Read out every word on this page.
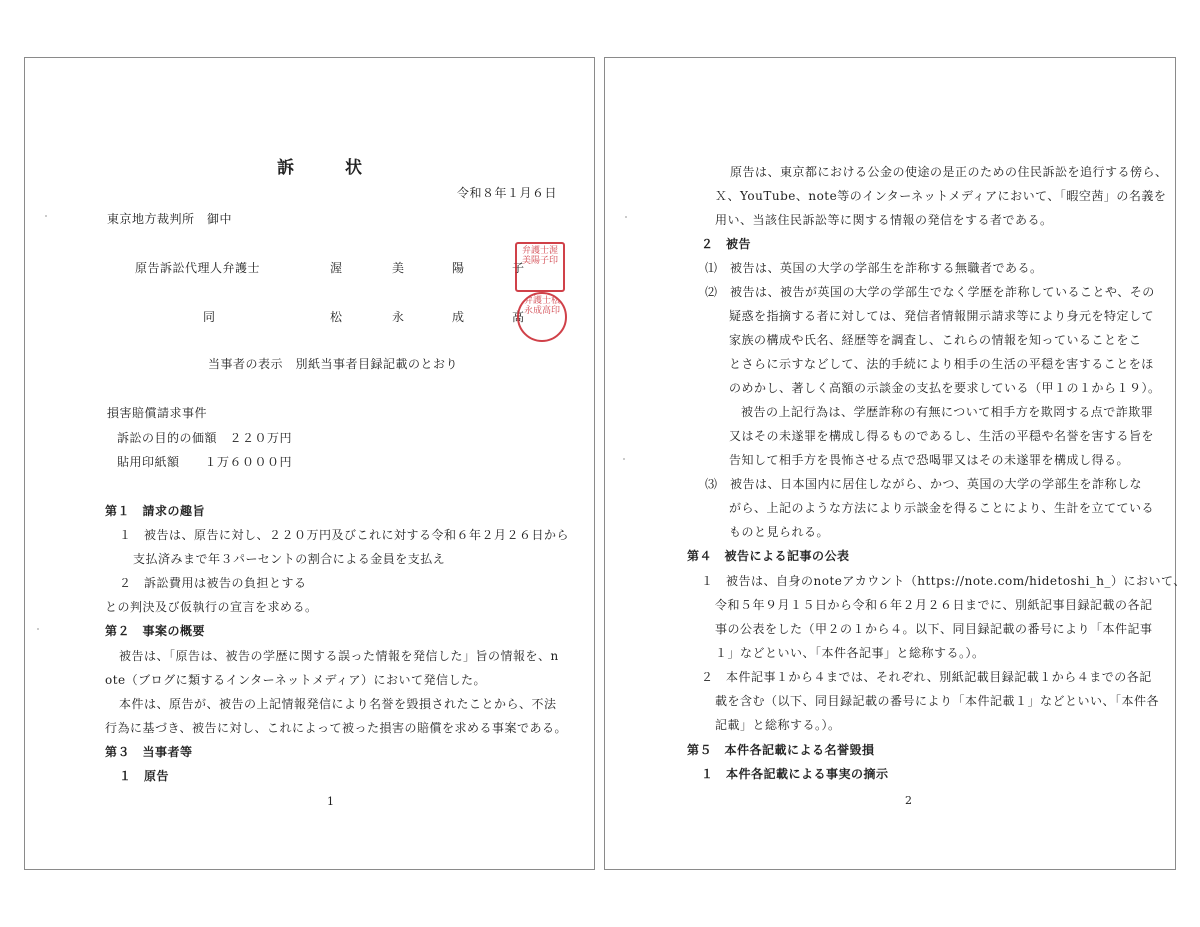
訴　　　状
令和８年１月６日
東京地方裁判所　御中
原告訴訟代理人弁護士	渥	美	陽	子
弁護士渥美陽子印
同	松	永	成	高
弁護士松永成高印
当事者の表示　別紙当事者目録記載のとおり
損害賠償請求事件
訴訟の目的の価額　２２０万円
貼用印紙額　　１万６０００円
第１　請求の趣旨
１　被告は、原告に対し、２２０万円及びこれに対する令和６年２月２６日から
支払済みまで年３パーセントの割合による金員を支払え
２　訴訟費用は被告の負担とする
との判決及び仮執行の宣言を求める。
第２　事案の概要
被告は、「原告は、被告の学歴に関する誤った情報を発信した」旨の情報を、n
ote（ブログに類するインターネットメディア）において発信した。
本件は、原告が、被告の上記情報発信により名誉を毀損されたことから、不法
行為に基づき、被告に対し、これによって被った損害の賠償を求める事案である。
第３　当事者等
１　原告
1
原告は、東京都における公金の使途の是正のための住民訴訟を追行する傍ら、
Ｘ、YouTube、note等のインターネットメディアにおいて、「暇空茜」の名義を
用い、当該住民訴訟等に関する情報の発信をする者である。
２　被告
⑴　被告は、英国の大学の学部生を詐称する無職者である。
⑵　被告は、被告が英国の大学の学部生でなく学歴を詐称していることや、その
疑惑を指摘する者に対しては、発信者情報開示請求等により身元を特定して
家族の構成や氏名、経歴等を調査し、これらの情報を知っていることをこ
とさらに示すなどして、法的手続により相手の生活の平穏を害することをほ
のめかし、著しく高額の示談金の支払を要求している（甲１の１から１９）。
被告の上記行為は、学歴詐称の有無について相手方を欺罔する点で詐欺罪
又はその未遂罪を構成し得るものであるし、生活の平穏や名誉を害する旨を
告知して相手方を畏怖させる点で恐喝罪又はその未遂罪を構成し得る。
⑶　被告は、日本国内に居住しながら、かつ、英国の大学の学部生を詐称しな
がら、上記のような方法により示談金を得ることにより、生計を立てている
ものと見られる。
第４　被告による記事の公表
１　被告は、自身のnoteアカウント（https://note.com/hidetoshi_h_）において、
令和５年９月１５日から令和６年２月２６日までに、別紙記事目録記載の各記
事の公表をした（甲２の１から４。以下、同目録記載の番号により「本件記事
１」などといい、「本件各記事」と総称する。）。
２　本件記事１から４までは、それぞれ、別紙記載目録記載１から４までの各記
載を含む（以下、同目録記載の番号により「本件記載１」などといい、「本件各
記載」と総称する。）。
第５　本件各記載による名誉毀損
１　本件各記載による事実の摘示
2
